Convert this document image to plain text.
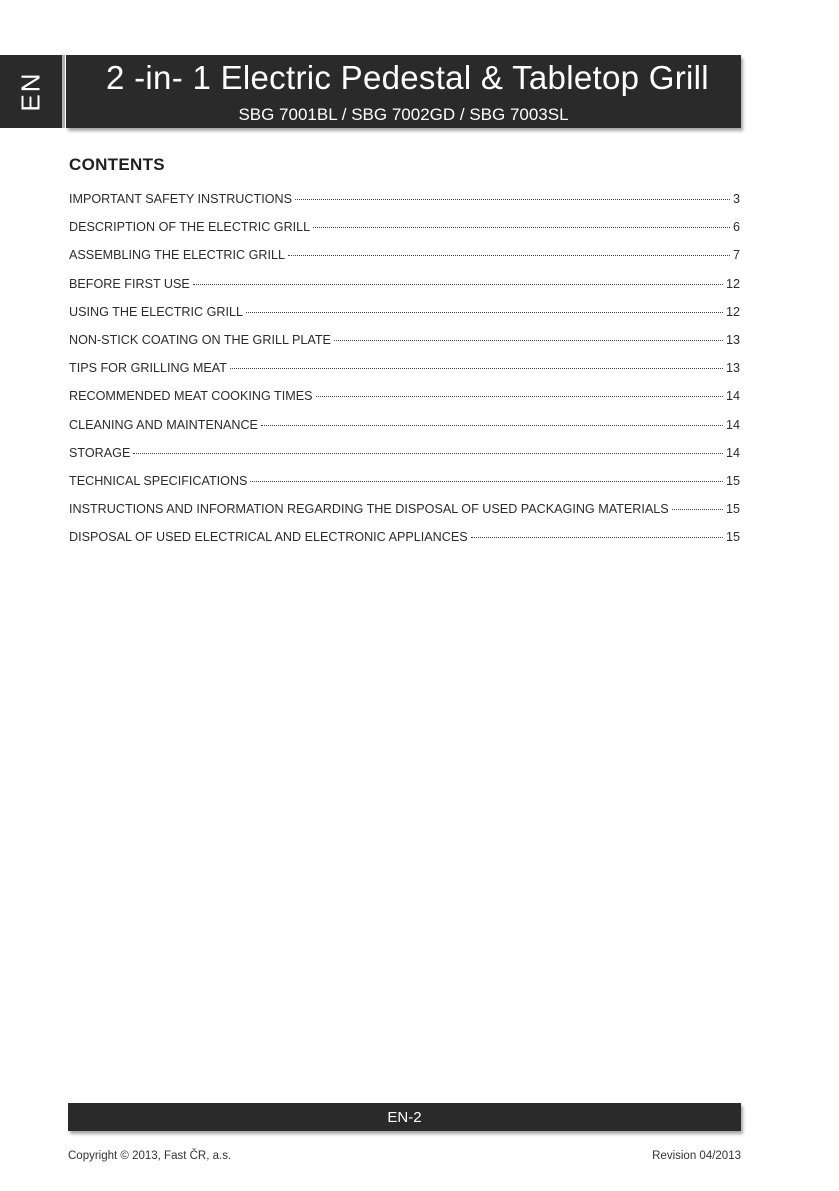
EN 2 -in- 1 Electric Pedestal & Tabletop Grill
SBG 7001BL / SBG 7002GD / SBG 7003SL
CONTENTS
IMPORTANT SAFETY INSTRUCTIONS	3
DESCRIPTION OF THE ELECTRIC GRILL	6
ASSEMBLING THE ELECTRIC GRILL	7
BEFORE FIRST USE	12
USING THE ELECTRIC GRILL	12
NON-STICK COATING ON THE GRILL PLATE	13
TIPS FOR GRILLING MEAT	13
RECOMMENDED MEAT COOKING TIMES	14
CLEANING AND MAINTENANCE	14
STORAGE	14
TECHNICAL SPECIFICATIONS	15
INSTRUCTIONS AND INFORMATION REGARDING THE DISPOSAL OF USED PACKAGING MATERIALS	15
DISPOSAL OF USED ELECTRICAL AND ELECTRONIC APPLIANCES	15
EN-2
Copyright © 2013, Fast ČR, a.s.	Revision 04/2013
